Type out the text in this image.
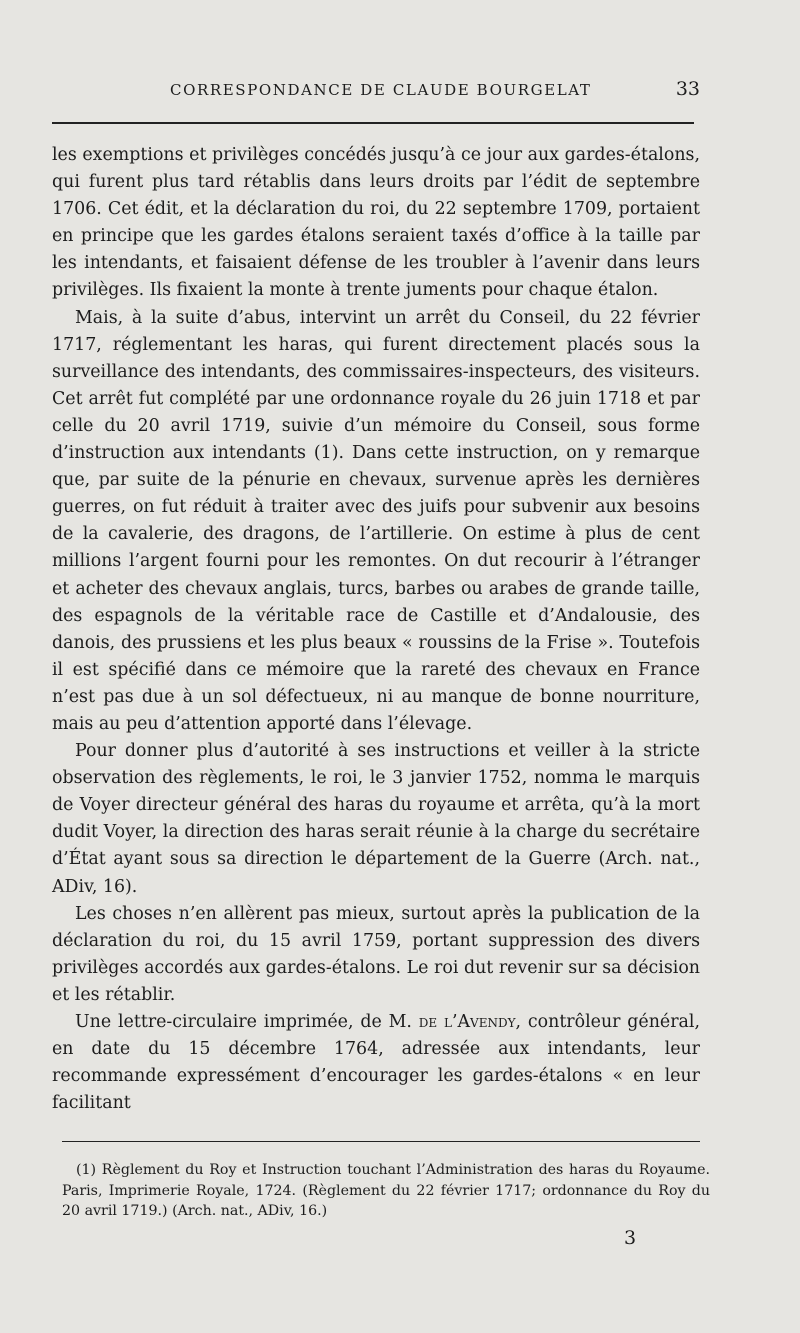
CORRESPONDANCE DE CLAUDE BOURGELAT	33

les exemptions et privilèges concédés jusqu’à ce jour aux gardes-étalons, qui furent plus tard rétablis dans leurs droits par l’édit de septembre 1706. Cet édit, et la déclaration du roi, du 22 septembre 1709, portaient en principe que les gardes étalons seraient taxés d’office à la taille par les intendants, et faisaient défense de les troubler à l’avenir dans leurs privilèges. Ils fixaient la monte à trente juments pour chaque étalon.

Mais, à la suite d’abus, intervint un arrêt du Conseil, du 22 février 1717, réglementant les haras, qui furent directement placés sous la surveillance des intendants, des commissaires-inspecteurs, des visiteurs. Cet arrêt fut complété par une ordonnance royale du 26 juin 1718 et par celle du 20 avril 1719, suivie d’un mémoire du Conseil, sous forme d’instruction aux intendants (1). Dans cette instruction, on y remarque que, par suite de la pénurie en chevaux, survenue après les dernières guerres, on fut réduit à traiter avec des juifs pour subvenir aux besoins de la cavalerie, des dragons, de l’artillerie. On estime à plus de cent millions l’argent fourni pour les remontes. On dut recourir à l’étranger et acheter des chevaux anglais, turcs, barbes ou arabes de grande taille, des espagnols de la véritable race de Castille et d’Andalousie, des danois, des prussiens et les plus beaux « roussins de la Frise ». Toutefois il est spécifié dans ce mémoire que la rareté des chevaux en France n’est pas due à un sol défectueux, ni au manque de bonne nourriture, mais au peu d’attention apporté dans l’élevage.

Pour donner plus d’autorité à ses instructions et veiller à la stricte observation des règlements, le roi, le 3 janvier 1752, nomma le marquis de Voyer directeur général des haras du royaume et arrêta, qu’à la mort dudit Voyer, la direction des haras serait réunie à la charge du secrétaire d’État ayant sous sa direction le département de la Guerre (Arch. nat., ADiv, 16).

Les choses n’en allèrent pas mieux, surtout après la publication de la déclaration du roi, du 15 avril 1759, portant suppression des divers privilèges accordés aux gardes-étalons. Le roi dut revenir sur sa décision et les rétablir.

Une lettre-circulaire imprimée, de M. de l’Avendy, contrôleur général, en date du 15 décembre 1764, adressée aux intendants, leur recommande expressément d’encourager les gardes-étalons « en leur facilitant

(1) Règlement du Roy et Instruction touchant l’Administration des haras du Royaume. Paris, Imprimerie Royale, 1724. (Règlement du 22 février 1717; ordonnance du Roy du 20 avril 1719.) (Arch. nat., ADiv, 16.)

3
